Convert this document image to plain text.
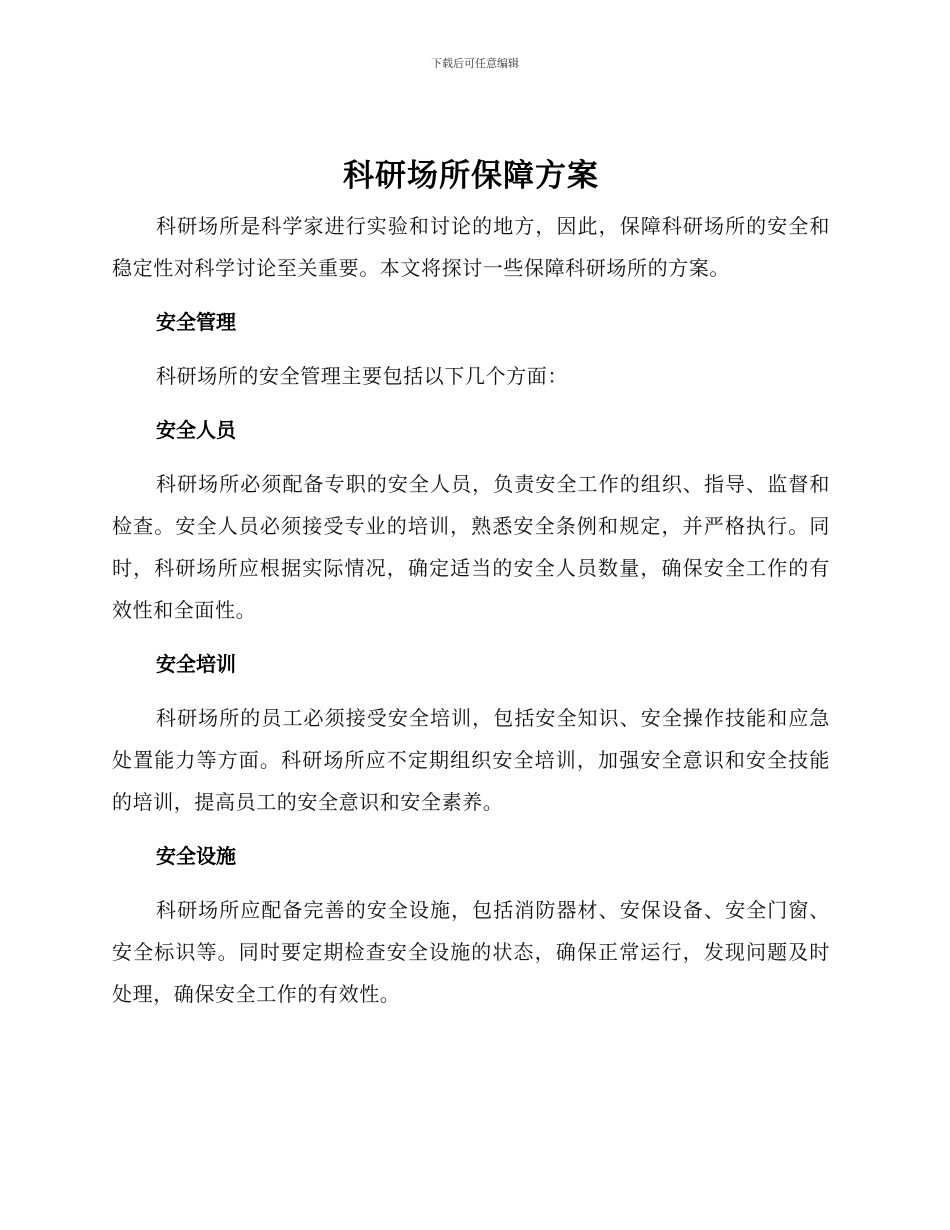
下载后可任意编辑
科研场所保障方案

科研场所是科学家进行实验和讨论的地方，因此，保障科研场所的安全和稳定性对科学讨论至关重要。本文将探讨一些保障科研场所的方案。

安全管理

科研场所的安全管理主要包括以下几个方面：

安全人员

科研场所必须配备专职的安全人员，负责安全工作的组织、指导、监督和检查。安全人员必须接受专业的培训，熟悉安全条例和规定，并严格执行。同时，科研场所应根据实际情况，确定适当的安全人员数量，确保安全工作的有效性和全面性。

安全培训

科研场所的员工必须接受安全培训，包括安全知识、安全操作技能和应急处置能力等方面。科研场所应不定期组织安全培训，加强安全意识和安全技能的培训，提高员工的安全意识和安全素养。

安全设施

科研场所应配备完善的安全设施，包括消防器材、安保设备、安全门窗、安全标识等。同时要定期检查安全设施的状态，确保正常运行，发现问题及时处理，确保安全工作的有效性。
